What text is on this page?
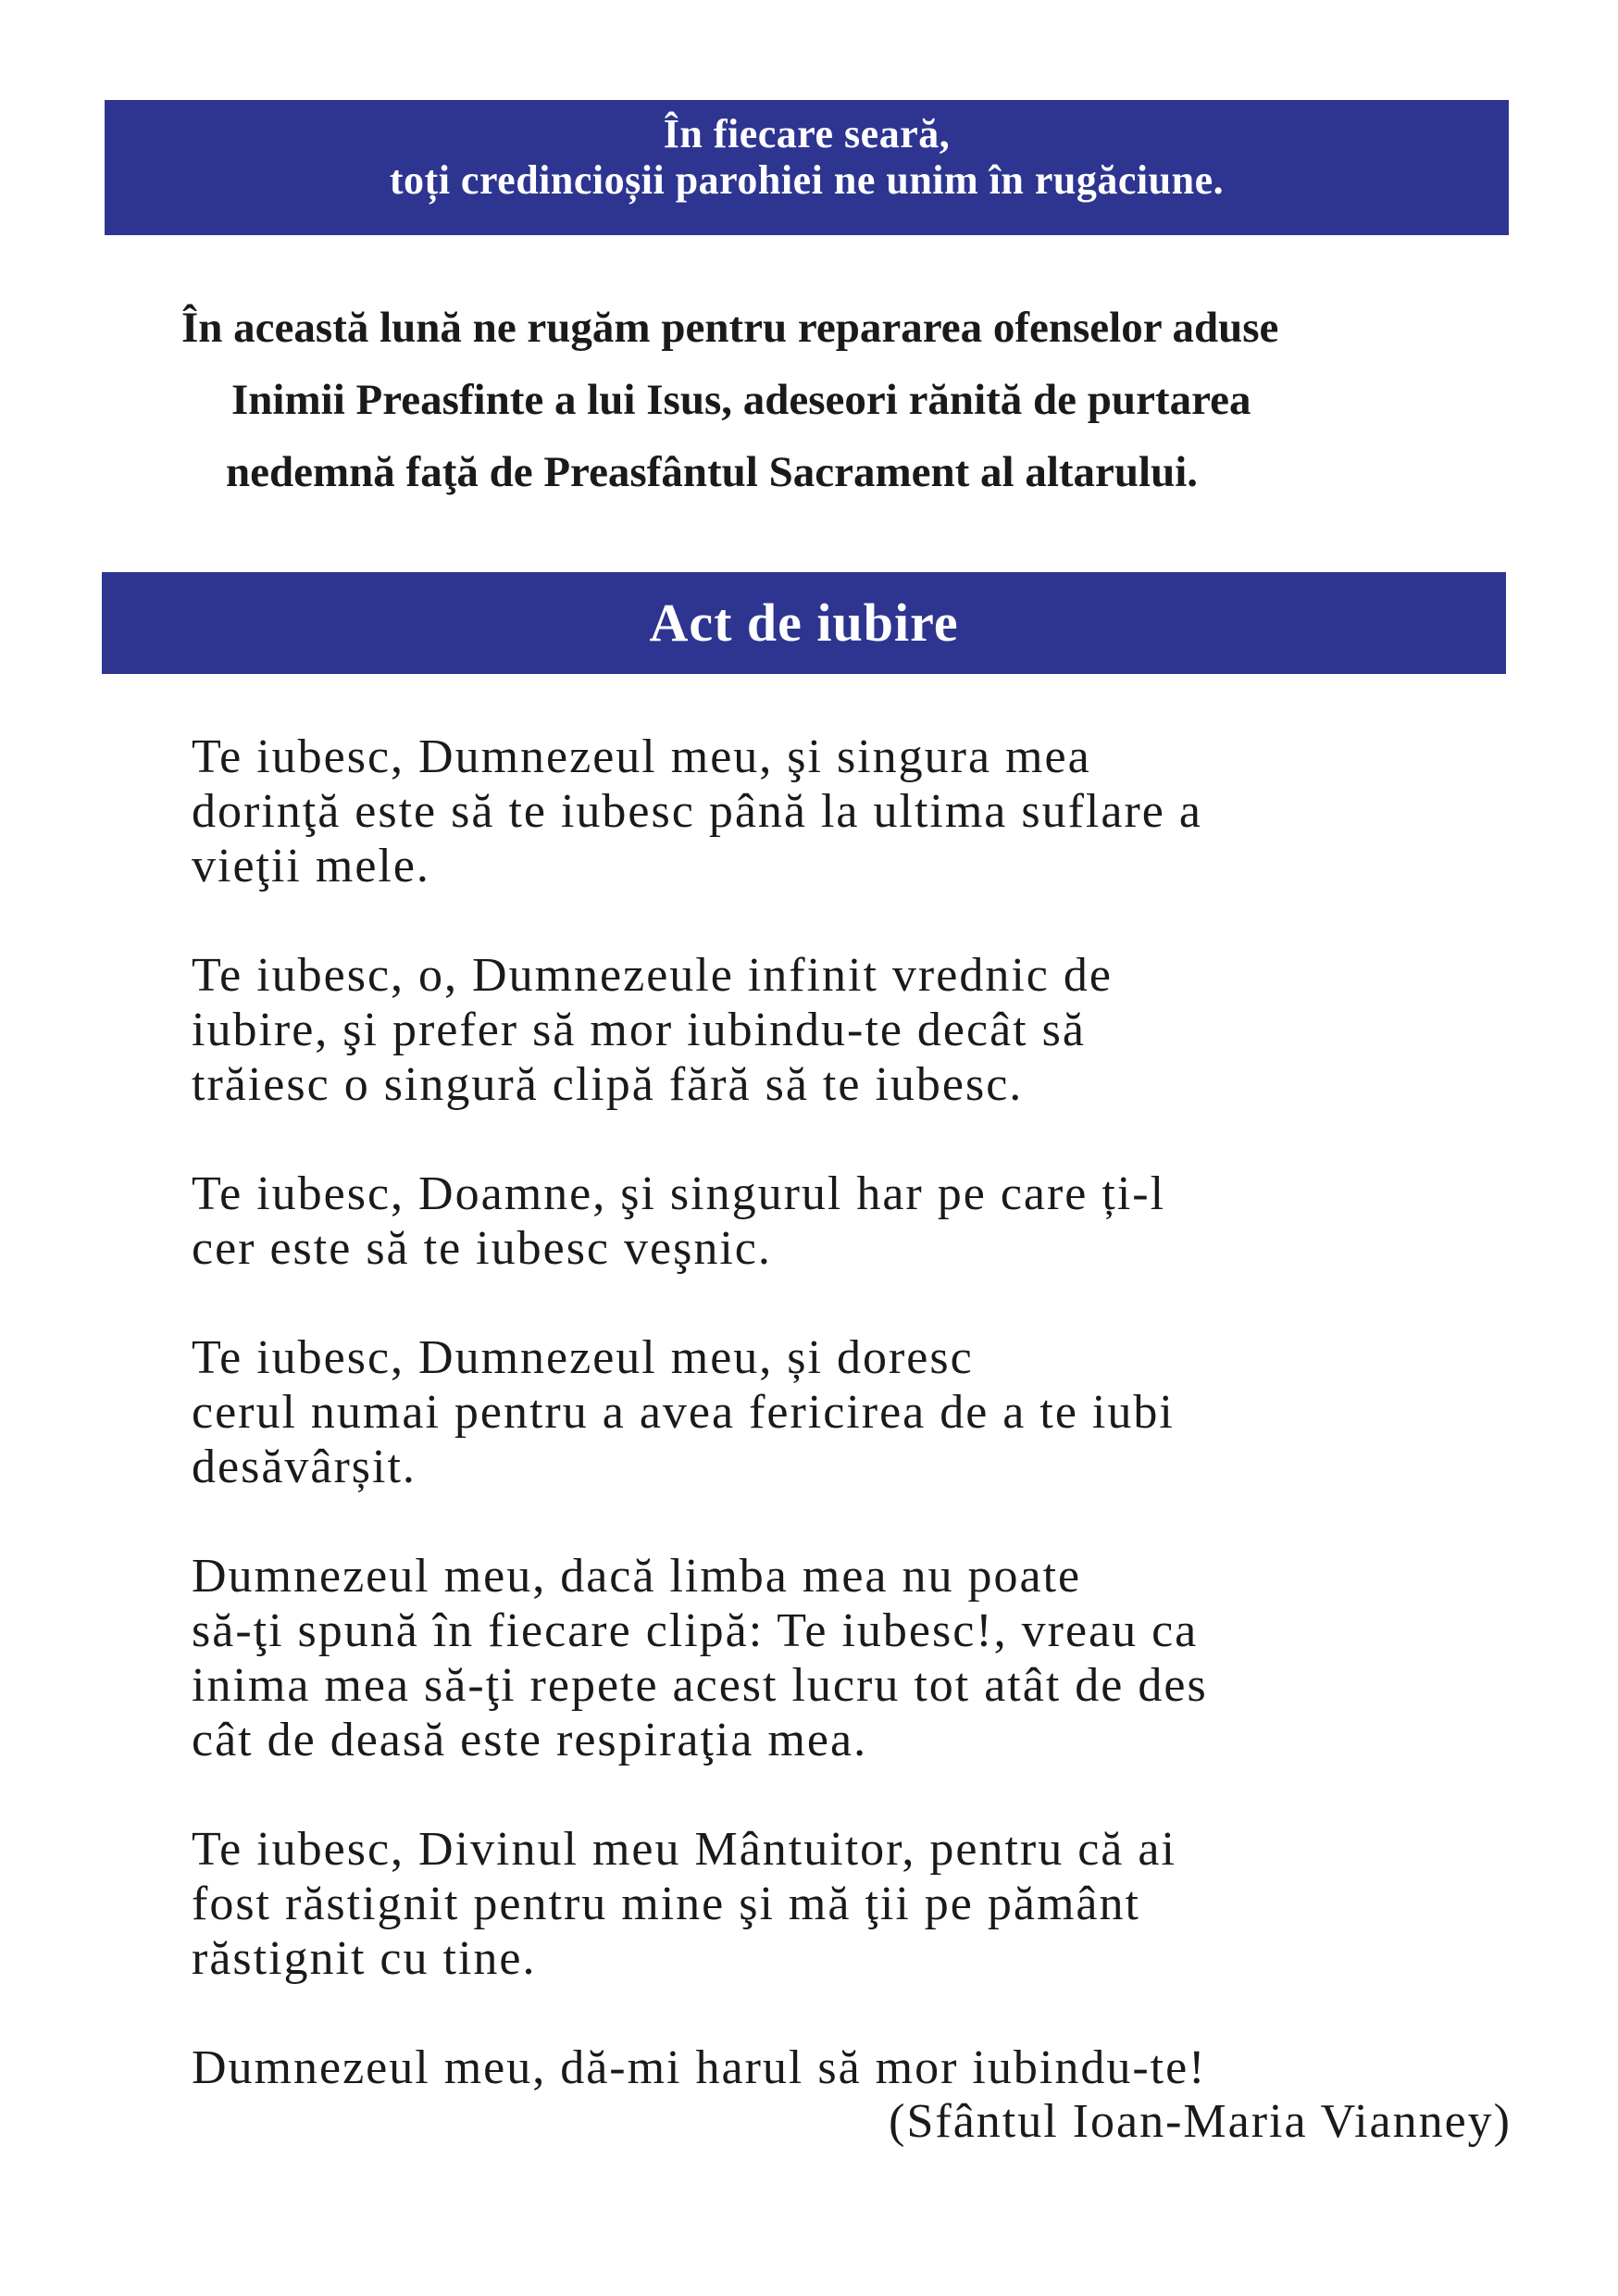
În fiecare seară,
toți credincioșii parohiei ne unim în rugăciune.
În această lună ne rugăm pentru repararea ofenselor aduse
Inimii Preasfinte a lui Isus, adeseori rănită de purtarea
nedemnă faţă de Preasfântul Sacrament al altarului.
Act de iubire
Te iubesc, Dumnezeul meu, şi singura mea
dorinţă este să te iubesc până la ultima suflare a
vieţii mele.
Te iubesc, o, Dumnezeule infinit vrednic de
iubire, şi prefer să mor iubindu-te decât să
trăiesc o singură clipă fără să te iubesc.
Te iubesc, Doamne, şi singurul har pe care ți-l
cer este să te iubesc veşnic.
Te iubesc, Dumnezeul meu, și doresc
cerul numai pentru a avea fericirea de a te iubi
desăvârșit.
Dumnezeul meu, dacă limba mea nu poate
să-ţi spună în fiecare clipă: Te iubesc!, vreau ca
inima mea să-ţi repete acest lucru tot atât de des
cât de deasă este respiraţia mea.
Te iubesc, Divinul meu Mântuitor, pentru că ai
fost răstignit pentru mine şi mă ţii pe pământ
răstignit cu tine.
Dumnezeul meu, dă-mi harul să mor iubindu-te!
(Sfântul Ioan-Maria Vianney)
